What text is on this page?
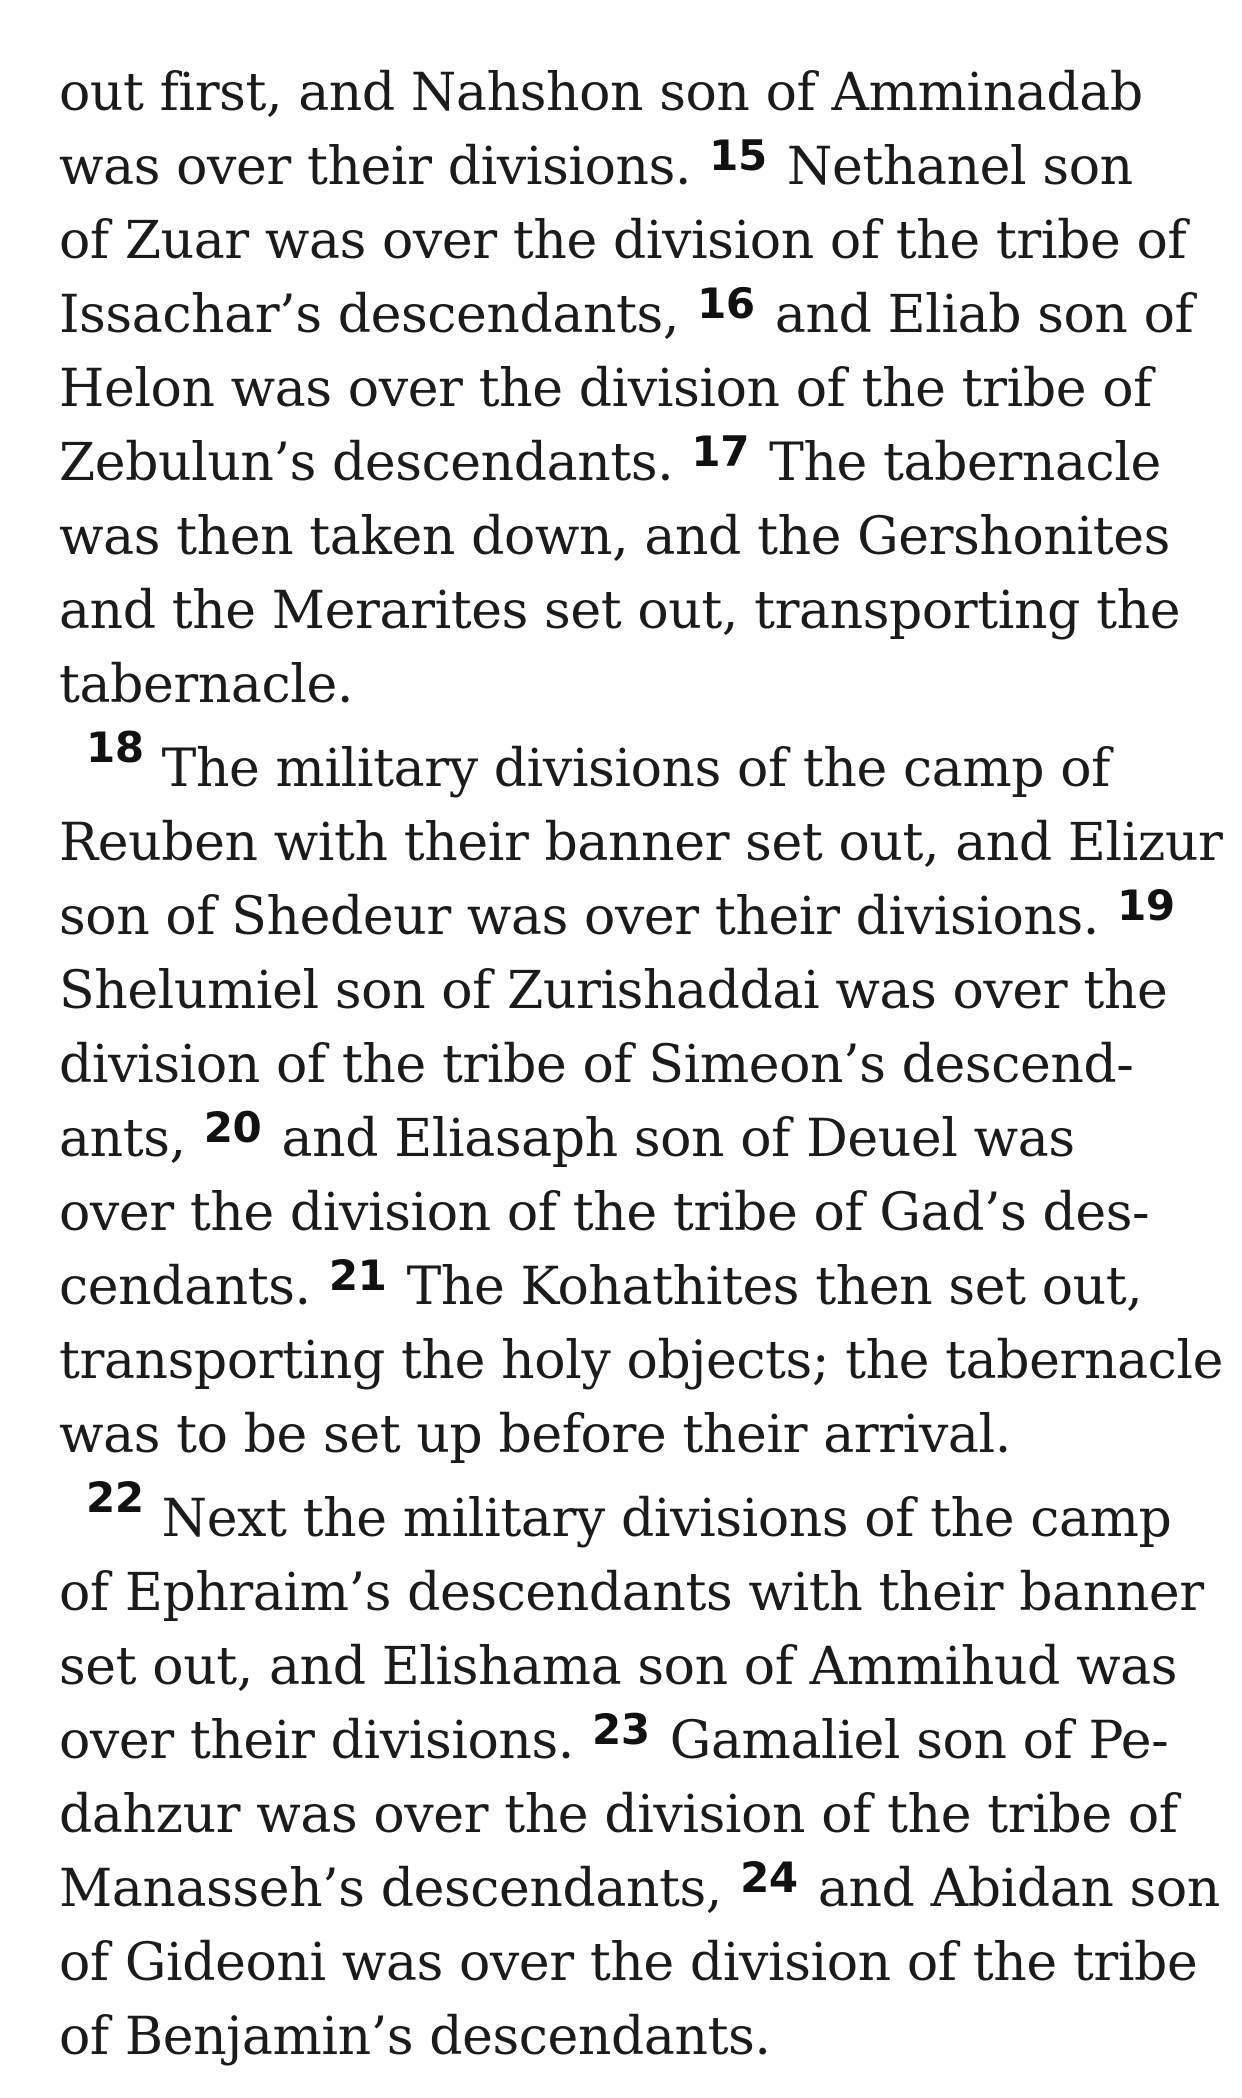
out first, and Nahshon son of Amminadab
was over their divisions. $^{15}$ Nethanel son
of Zuar was over the division of the tribe of
Issachar’s descendants, $^{16}$ and Eliab son of
Helon was over the division of the tribe of
Zebulun’s descendants. $^{17}$ The tabernacle
was then taken down, and the Gershonites
and the Merarites set out, transporting the
tabernacle.
$^{18}$ The military divisions of the camp of
Reuben with their banner set out, and Elizur
son of Shedeur was over their divisions. $^{19}$
Shelumiel son of Zurishaddai was over the
division of the tribe of Simeon’s descend-
ants, $^{20}$ and Eliasaph son of Deuel was
over the division of the tribe of Gad’s des-
cendants. $^{21}$ The Kohathites then set out,
transporting the holy objects; the tabernacle
was to be set up before their arrival.
$^{22}$ Next the military divisions of the camp
of Ephraim’s descendants with their banner
set out, and Elishama son of Ammihud was
over their divisions. $^{23}$ Gamaliel son of Pe-
dahzur was over the division of the tribe of
Manasseh’s descendants, $^{24}$ and Abidan son
of Gideoni was over the division of the tribe
of Benjamin’s descendants.
